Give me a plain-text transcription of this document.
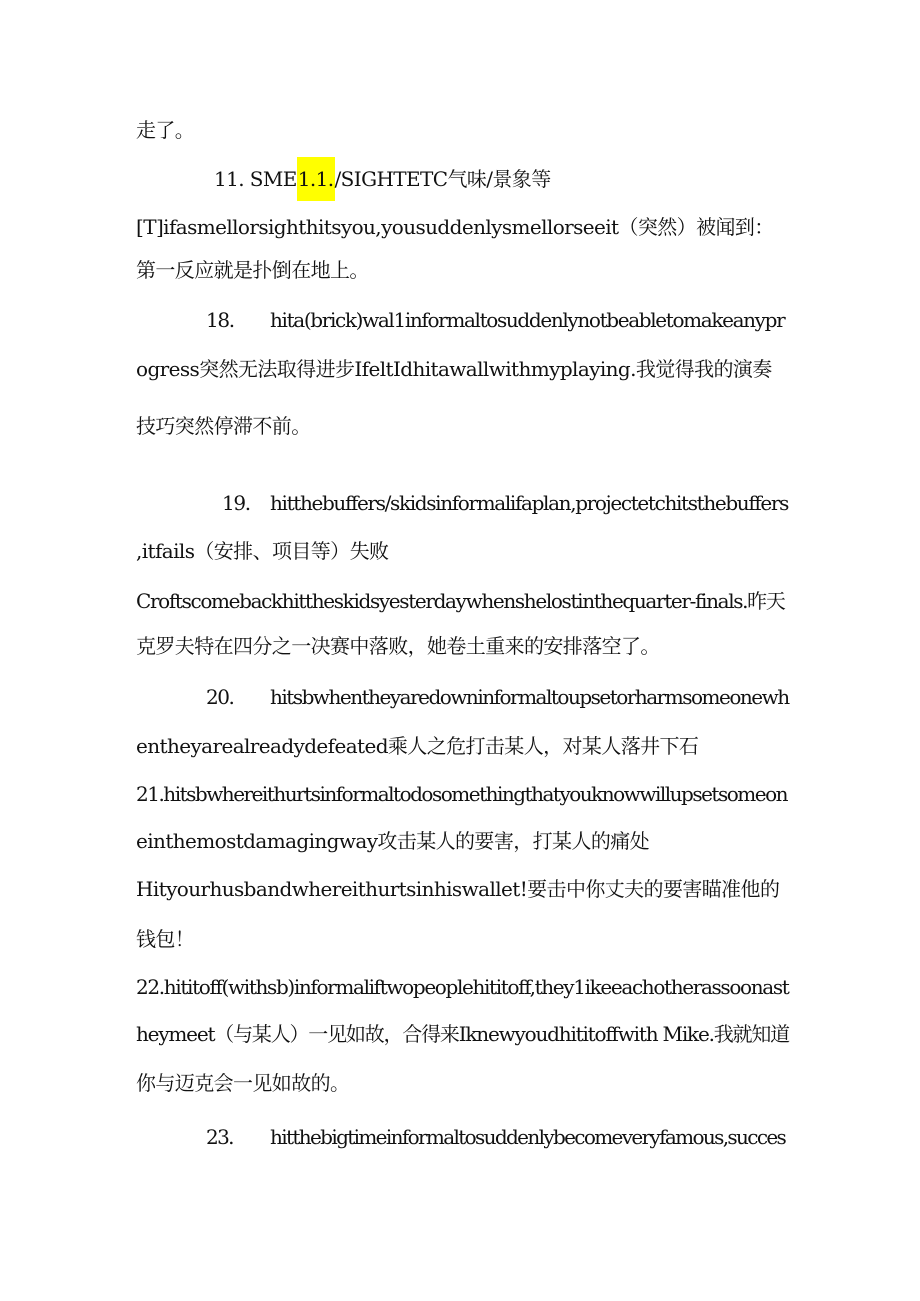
走了。

11. SME1.1./SIGHTETC气味/景象等

[T]ifasmellorsighthitsyou,yousuddenlysmellorseeit（突然）被闻到：

第一反应就是扑倒在地上。

18. hita(brick)wal1informaltosuddenlynotbeabletomakeanypr

ogress突然无法取得进步IfeltIdhitawallwithmyplaying.我觉得我的演奏

技巧突然停滞不前。

19. hitthebuffers/skidsinformalifaplan,projectetchitsthebuffers

,itfails（安排、项目等）失败

Croftscomebackhittheskidsyesterdaywhenshelostinthequarter-finals.昨天

克罗夫特在四分之一决赛中落败，她卷土重来的安排落空了。

20. hitsbwhentheyaredowninformaltoupsetorharmsomeonewh

entheyarealreadydefeated乘人之危打击某人，对某人落井下石

21.hitsbwhereithurtsinformaltodosomethingthatyouknowwillupsetsomeon

einthemostdamagingway攻击某人的要害，打某人的痛处

Hityourhusbandwhereithurtsinhiswallet!要击中你丈夫的要害瞄准他的

钱包！

22.hititoff(withsb)informaliftwopeoplehititoff,they1ikeeachotherassoonast

heymeet（与某人）一见如故，合得来Iknewyoudhititoffwith Mike.我就知道

你与迈克会一见如故的。

23. hitthebigtimeinformaltosuddenlybecomeveryfamous,succes
